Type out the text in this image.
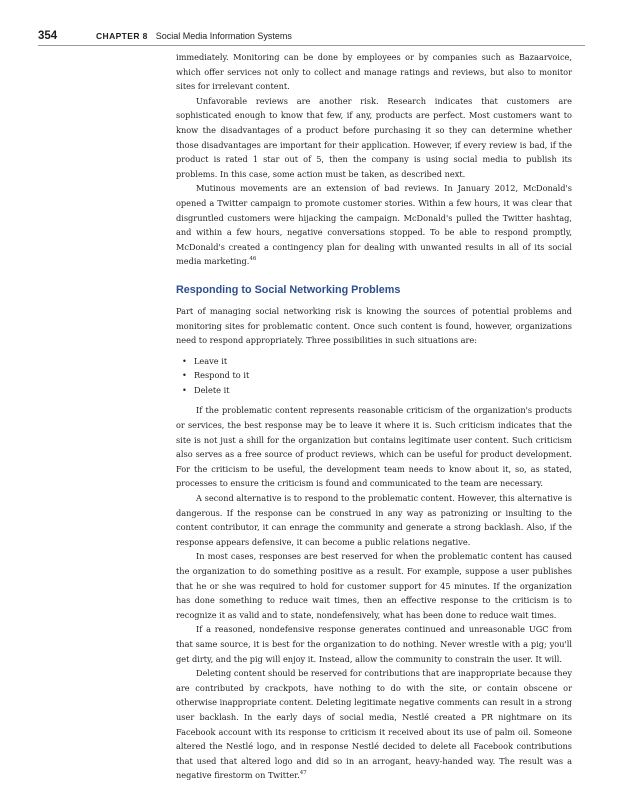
354	CHAPTER 8 Social Media Information Systems

immediately. Monitoring can be done by employees or by companies such as Bazaarvoice, which offer services not only to collect and manage ratings and reviews, but also to monitor sites for irrelevant content.

Unfavorable reviews are another risk. Research indicates that customers are sophisticated enough to know that few, if any, products are perfect. Most customers want to know the disadvantages of a product before purchasing it so they can determine whether those disadvantages are important for their application. However, if every review is bad, if the product is rated 1 star out of 5, then the company is using social media to publish its problems. In this case, some action must be taken, as described next.

Mutinous movements are an extension of bad reviews. In January 2012, McDonald's opened a Twitter campaign to promote customer stories. Within a few hours, it was clear that disgruntled customers were hijacking the campaign. McDonald's pulled the Twitter hashtag, and within a few hours, negative conversations stopped. To be able to respond promptly, McDonald's created a contingency plan for dealing with unwanted results in all of its social media marketing.$^{46}$

Responding to Social Networking Problems

Part of managing social networking risk is knowing the sources of potential problems and monitoring sites for problematic content. Once such content is found, however, organizations need to respond appropriately. Three possibilities in such situations are:

• Leave it
• Respond to it
• Delete it

If the problematic content represents reasonable criticism of the organization's products or services, the best response may be to leave it where it is. Such criticism indicates that the site is not just a shill for the organization but contains legitimate user content. Such criticism also serves as a free source of product reviews, which can be useful for product development. For the criticism to be useful, the development team needs to know about it, so, as stated, processes to ensure the criticism is found and communicated to the team are necessary.

A second alternative is to respond to the problematic content. However, this alternative is dangerous. If the response can be construed in any way as patronizing or insulting to the content contributor, it can enrage the community and generate a strong backlash. Also, if the response appears defensive, it can become a public relations negative.

In most cases, responses are best reserved for when the problematic content has caused the organization to do something positive as a result. For example, suppose a user publishes that he or she was required to hold for customer support for 45 minutes. If the organization has done something to reduce wait times, then an effective response to the criticism is to recognize it as valid and to state, nondefensively, what has been done to reduce wait times.

If a reasoned, nondefensive response generates continued and unreasonable UGC from that same source, it is best for the organization to do nothing. Never wrestle with a pig; you'll get dirty, and the pig will enjoy it. Instead, allow the community to constrain the user. It will.

Deleting content should be reserved for contributions that are inappropriate because they are contributed by crackpots, have nothing to do with the site, or contain obscene or otherwise inappropriate content. Deleting legitimate negative comments can result in a strong user backlash. In the early days of social media, Nestlé created a PR nightmare on its Facebook account with its response to criticism it received about its use of palm oil. Someone altered the Nestlé logo, and in response Nestlé decided to delete all Facebook contributions that used that altered logo and did so in an arrogant, heavy-handed way. The result was a negative firestorm on Twitter.$^{47}$
